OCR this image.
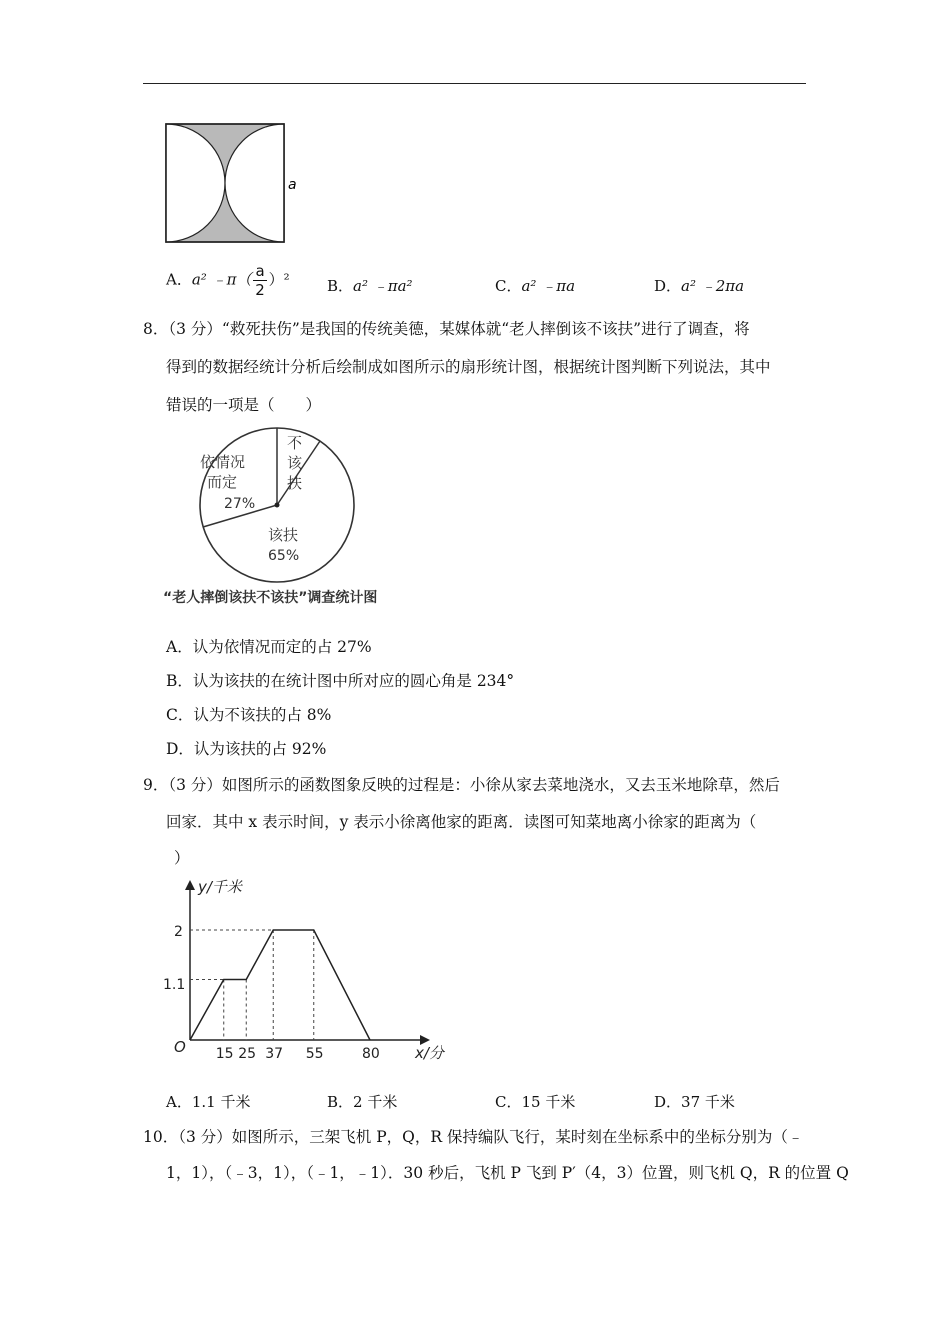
a
A．a² ﹣π（ $\frac{a}{2} )^2$ B．a² ﹣πa²	C．a² ﹣πa	D．a² ﹣2πa
8．（3 分）“救死扶伤”是我国的传统美德，某媒体就“老人摔倒该不该扶”进行了调查，将
得到的数据经统计分析后绘制成如图所示的扇形统计图，根据统计图判断下列说法，其中
错误的一项是（　　）
依情况
而定
27%
不
该
扶
该扶
65%
“老人摔倒该扶不该扶”调查统计图
A．认为依情况而定的占 27%
B．认为该扶的在统计图中所对应的圆心角是 234°
C．认为不该扶的占 8%
D．认为该扶的占 92%
9．（3 分）如图所示的函数图象反映的过程是：小徐从家去菜地浇水，又去玉米地除草，然后
回家．其中 x 表示时间，y 表示小徐离他家的距离．读图可知菜地离小徐家的距离为（
）
y/千米
x/分
O
2
1.1
15 25 37 55	80
A．1.1 千米	B．2 千米	C．15 千米	D．37 千米
10．（3 分）如图所示，三架飞机 P，Q，R 保持编队飞行，某时刻在坐标系中的坐标分别为（﹣
1，1），（﹣3，1），（﹣1，﹣1）．30 秒后，飞机 P 飞到 P′（4，3）位置，则飞机 Q，R 的位置 Q
